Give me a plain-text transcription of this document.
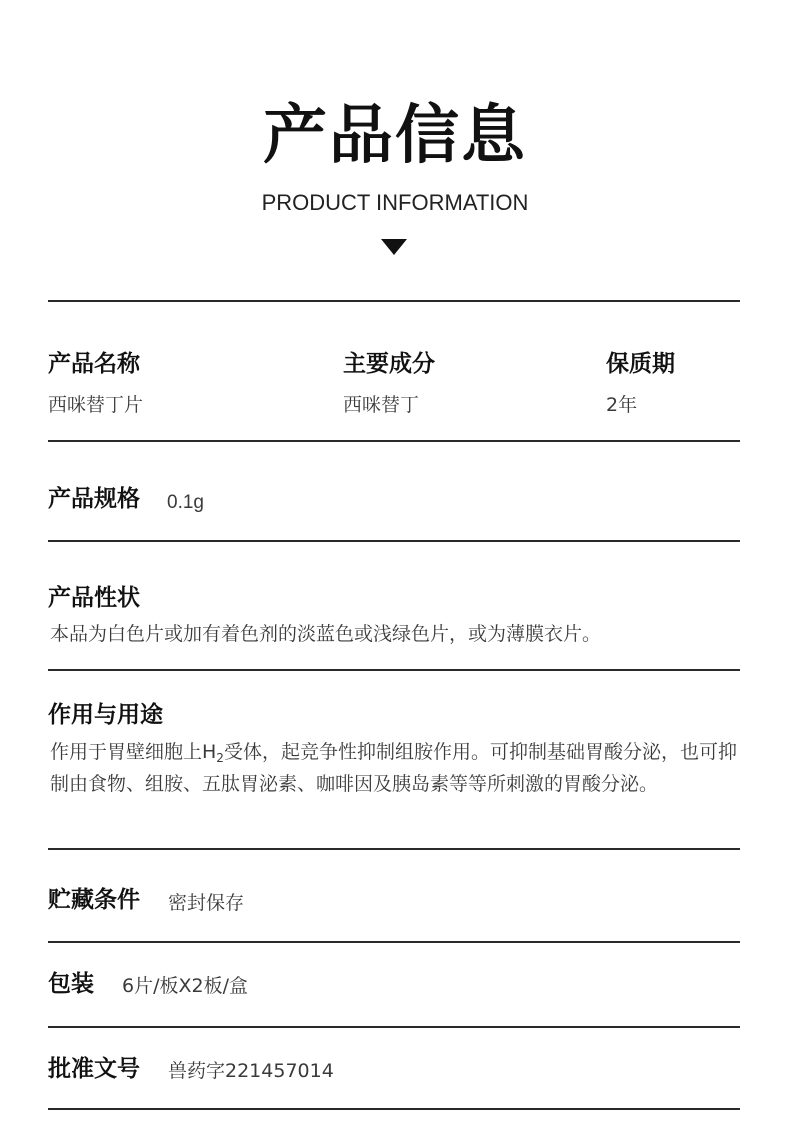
产品信息
PRODUCT INFORMATION
产品名称
西咪替丁片
主要成分
西咪替丁
保质期
2年
产品规格 0.1g
产品性状
本品为白色片或加有着色剂的淡蓝色或浅绿色片，或为薄膜衣片。
作用与用途
作用于胃壁细胞上$H_2$受体，起竞争性抑制组胺作用。可抑制基础胃酸分泌，也可抑制由食物、组胺、五肽胃泌素、咖啡因及胰岛素等等所刺激的胃酸分泌。
贮藏条件 密封保存
包装 6片/板X2板/盒
批准文号 兽药字221457014
